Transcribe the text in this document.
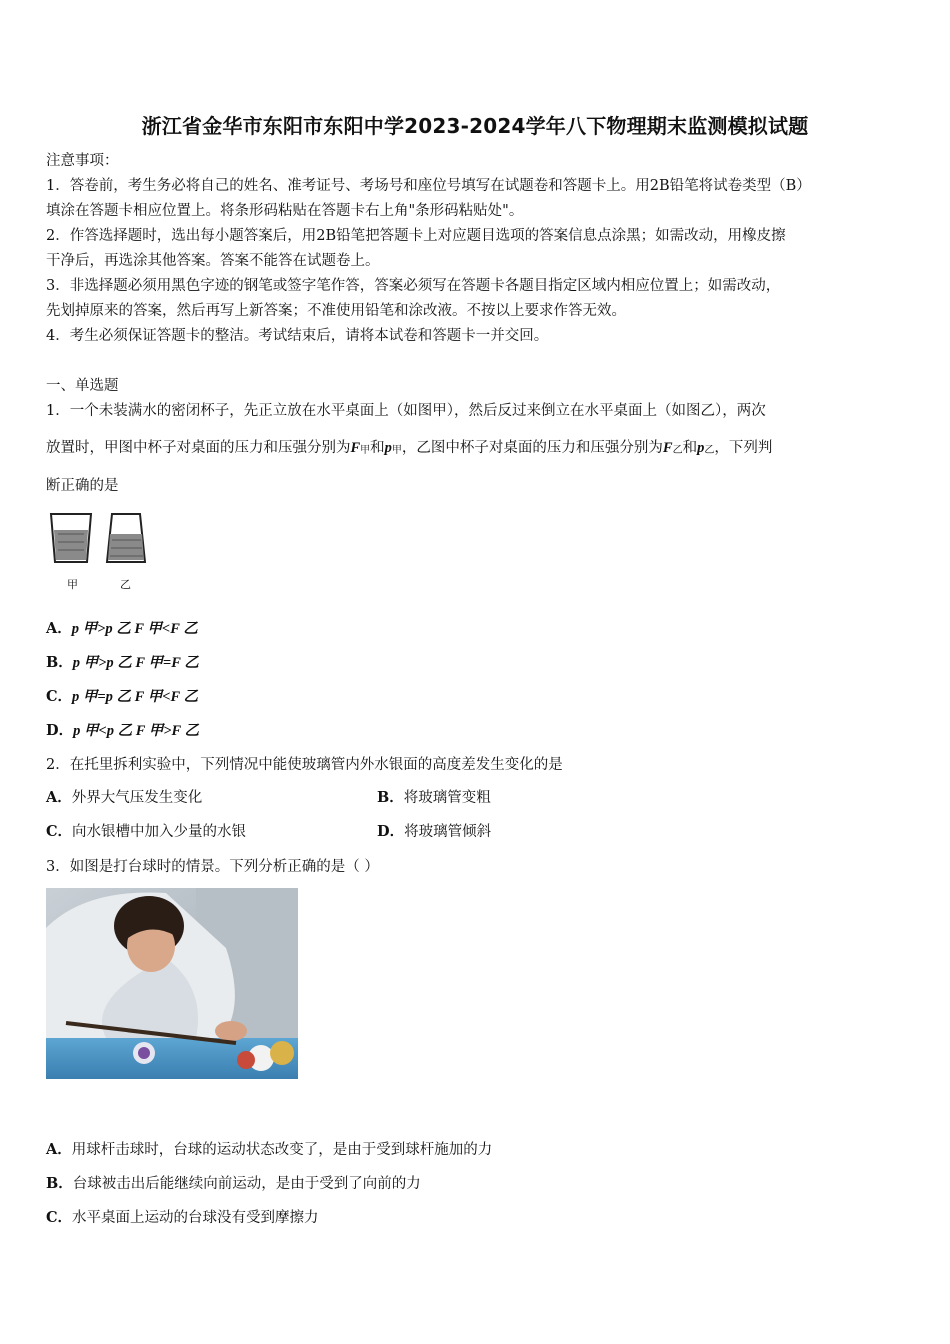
浙江省金华市东阳市东阳中学2023-2024学年八下物理期末监测模拟试题
注意事项：
1．答卷前，考生务必将自己的姓名、准考证号、考场号和座位号填写在试题卷和答题卡上。用2B铅笔将试卷类型（B）
填涂在答题卡相应位置上。将条形码粘贴在答题卡右上角"条形码粘贴处"。
2．作答选择题时，选出每小题答案后，用2B铅笔把答题卡上对应题目选项的答案信息点涂黑；如需改动，用橡皮擦
干净后，再选涂其他答案。答案不能答在试题卷上。
3．非选择题必须用黑色字迹的钢笔或签字笔作答，答案必须写在答题卡各题目指定区域内相应位置上；如需改动，
先划掉原来的答案，然后再写上新答案；不准使用铅笔和涂改液。不按以上要求作答无效。
4．考生必须保证答题卡的整洁。考试结束后，请将本试卷和答题卡一并交回。
一、单选题
1．一个未装满水的密闭杯子，先正立放在水平桌面上（如图甲），然后反过来倒立在水平桌面上（如图乙），两次
放置时，甲图中杯子对桌面的压力和压强分别为F甲和p甲，乙图中杯子对桌面的压力和压强分别为F乙和p乙，下列判
断正确的是
甲	乙
A．p 甲>p 乙 F 甲<F 乙
B．p 甲>p 乙 F 甲=F 乙
C．p 甲=p 乙 F 甲<F 乙
D．p 甲<p 乙 F 甲>F 乙
2．在托里拆利实验中，下列情况中能使玻璃管内外水银面的高度差发生变化的是
A．外界大气压发生变化	B．将玻璃管变粗
C．向水银槽中加入少量的水银	D．将玻璃管倾斜
3．如图是打台球时的情景。下列分析正确的是（ ）
A．用球杆击球时，台球的运动状态改变了，是由于受到球杆施加的力
B．台球被击出后能继续向前运动，是由于受到了向前的力
C．水平桌面上运动的台球没有受到摩擦力
